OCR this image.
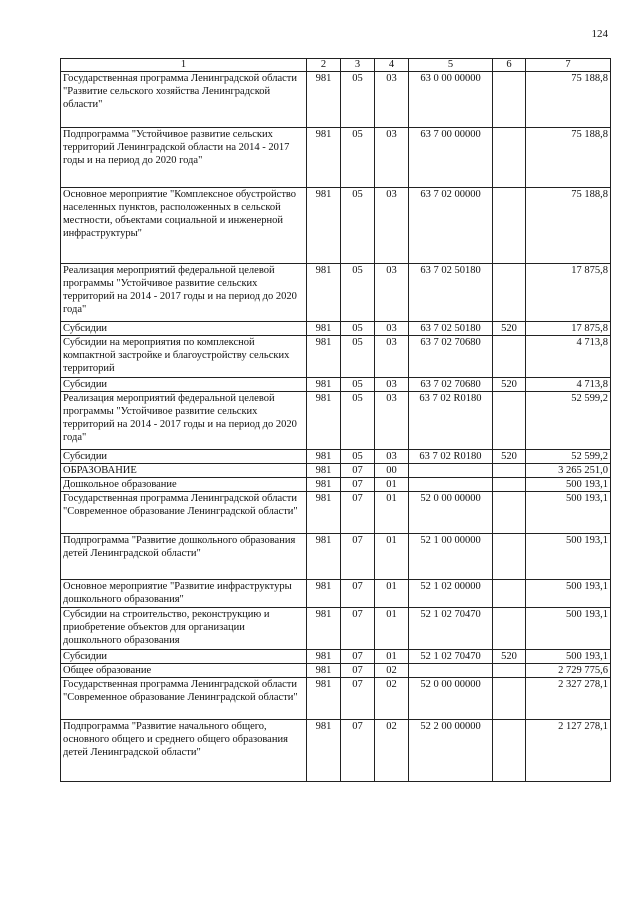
124
1	2	3	4	5	6	7
Государственная программа Ленинградской области "Развитие сельского хозяйства Ленинградской области"	981	05	03	63 0 00 00000		75 188,8
Подпрограмма "Устойчивое развитие сельских территорий Ленинградской области на 2014 - 2017 годы и на период до 2020 года"	981	05	03	63 7 00 00000		75 188,8
Основное мероприятие "Комплексное обустройство населенных пунктов, расположенных в сельской местности, объектами социальной и инженерной инфраструктуры"	981	05	03	63 7 02 00000		75 188,8
Реализация мероприятий федеральной целевой программы "Устойчивое развитие сельских территорий на 2014 - 2017 годы и на период до 2020 года"	981	05	03	63 7 02 50180		17 875,8
Субсидии	981	05	03	63 7 02 50180	520	17 875,8
Субсидии на мероприятия по комплексной компактной застройке и благоустройству сельских территорий	981	05	03	63 7 02 70680		4 713,8
Субсидии	981	05	03	63 7 02 70680	520	4 713,8
Реализация мероприятий федеральной целевой программы "Устойчивое развитие сельских территорий на 2014 - 2017 годы и на период до 2020 года"	981	05	03	63 7 02 R0180		52 599,2
Субсидии	981	05	03	63 7 02 R0180	520	52 599,2
ОБРАЗОВАНИЕ	981	07	00			3 265 251,0
Дошкольное образование	981	07	01			500 193,1
Государственная программа Ленинградской области "Современное образование Ленинградской области"	981	07	01	52 0 00 00000		500 193,1
Подпрограмма "Развитие дошкольного образования детей Ленинградской области"	981	07	01	52 1 00 00000		500 193,1
Основное мероприятие "Развитие инфраструктуры дошкольного образования"	981	07	01	52 1 02 00000		500 193,1
Субсидии на строительство, реконструкцию и приобретение объектов для организации дошкольного образования	981	07	01	52 1 02 70470		500 193,1
Субсидии	981	07	01	52 1 02 70470	520	500 193,1
Общее образование	981	07	02			2 729 775,6
Государственная программа Ленинградской области "Современное образование Ленинградской области"	981	07	02	52 0 00 00000		2 327 278,1
Подпрограмма "Развитие начального общего, основного общего и среднего общего образования детей Ленинградской области"	981	07	02	52 2 00 00000		2 127 278,1
